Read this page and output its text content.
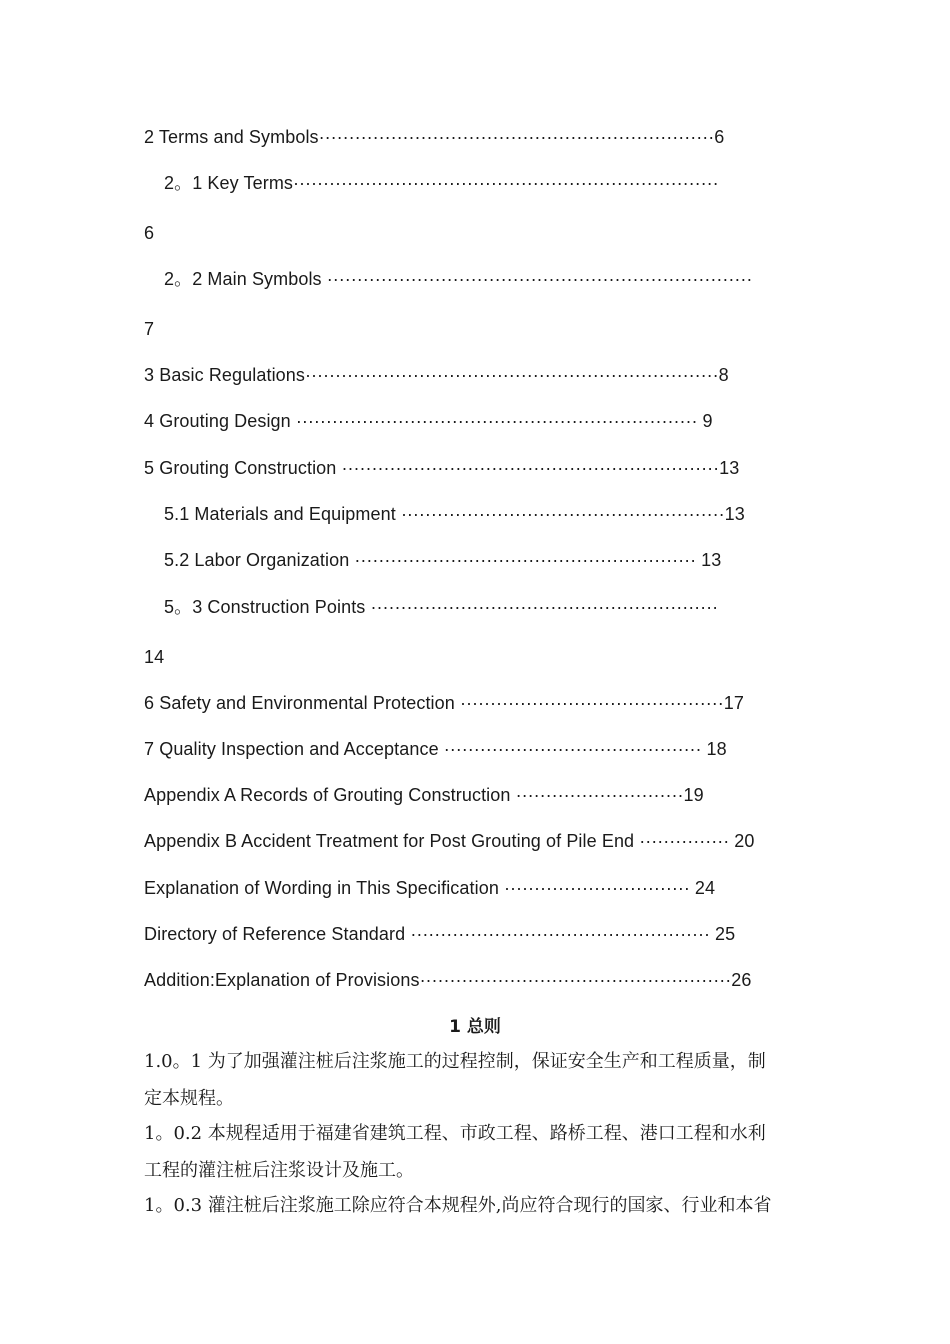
2 Terms and Symbols··································································6
2。1 Key Terms·······································································
6
2。2 Main Symbols ·······································································
7
3 Basic Regulations·····································································8
4 Grouting Design ··································································· 9
5 Grouting Construction ·······························································13
5.1 Materials and Equipment ······················································13
5.2 Labor Organization ························································· 13
5。3 Construction Points ··························································
14
6 Safety and Environmental Protection ············································17
7 Quality Inspection and Acceptance ··········································· 18
Appendix A Records of Grouting Construction ····························19
Appendix B Accident Treatment for Post Grouting of Pile End ··············· 20
Explanation of Wording in This Specification ······························· 24
Directory of Reference Standard ·················································· 25
Addition:Explanation of Provisions····················································26
1 总则
1.0。1 为了加强灌注桩后注浆施工的过程控制，保证安全生产和工程质量，制
定本规程。
1。0.2 本规程适用于福建省建筑工程、市政工程、路桥工程、港口工程和水利
工程的灌注桩后注浆设计及施工。
1。0.3 灌注桩后注浆施工除应符合本规程外,尚应符合现行的国家、行业和本省
